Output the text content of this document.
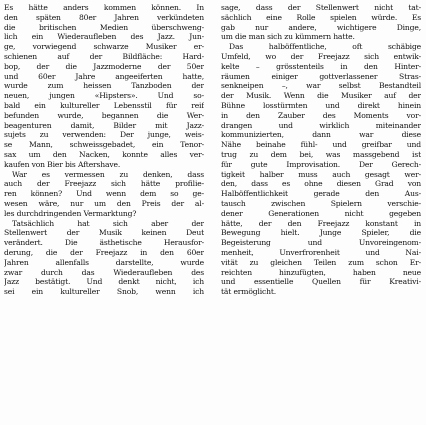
Es hätte anders kommen können. In
den späten 80er Jahren verkündeten
die britischen Medien überschweng-
lich ein Wiederaufleben des Jazz. Jun-
ge, vorwiegend schwarze Musiker er-
schienen auf der Bildfläche: Hard-
bop, der die Jazzmoderne der 50er
und 60er Jahre angeeiferten hatte,
wurde zum heissen Tanzboden der
neuen, jungen «Hipsters». Und so-
bald ein kultureller Lebensstil für reif
befunden wurde, begannen die Wer-
beagenturen damit, Bilder mit Jazz-
sujets zu verwenden: Der junge, weis-
se Mann, schweissgebadet, ein Tenor-
sax um den Nacken, konnte alles ver-
kaufen von Bier bis Aftershave.
War es vermessen zu denken, dass
auch der Freejazz sich hätte profilie-
ren können? Und wenn dem so ge-
wesen wäre, nur um den Preis der al-
les durchdringenden Vermarktung?
Tatsächlich hat sich aber der
Stellenwert der Musik keinen Deut
verändert. Die ästhetische Herausfor-
derung, die der Freejazz in den 60er
Jahren allenfalls darstellte, wurde
zwar durch das Wiederaufleben des
Jazz bestätigt. Und denkt nicht, ich
sei ein kultureller Snob, wenn ich
sage, dass der Stellenwert nicht tat-
sächlich eine Rolle spielen würde. Es
gab nur andere, wichtigere Dinge,
um die man sich zu kümmern hatte.
Das halböffentliche, oft schäbige
Umfeld, wo der Freejazz sich entwik-
kelte – grösstenteils in den Hinter-
räumen einiger gottverlassener Stras-
senkneipen –, war selbst Bestandteil
der Musik. Wenn die Musiker auf der
Bühne losstürmten und direkt hinein
in den Zauber des Moments vor-
drangen und wirklich miteinander
kommunizierten, dann war diese
Nähe beinahe fühl- und greifbar und
trug zu dem bei, was massgebend ist
für gute Improvisation. Der Gerech-
tigkeit halber muss auch gesagt wer-
den, dass es ohne diesen Grad von
Halböffentlichkeit gerade den Aus-
tausch zwischen Spielern verschie-
dener Generationen nicht gegeben
hätte, der den Freejazz konstant in
Bewegung hielt. Junge Spieler, die
Begeisterung und Unvoreingenom-
menheit, Unverfrorenheit und Nai-
vität zu gleichen Teilen zum schon Er-
reichten hinzufügten, haben neue
und essentielle Quellen für Kreativi-
tät ermöglicht.
